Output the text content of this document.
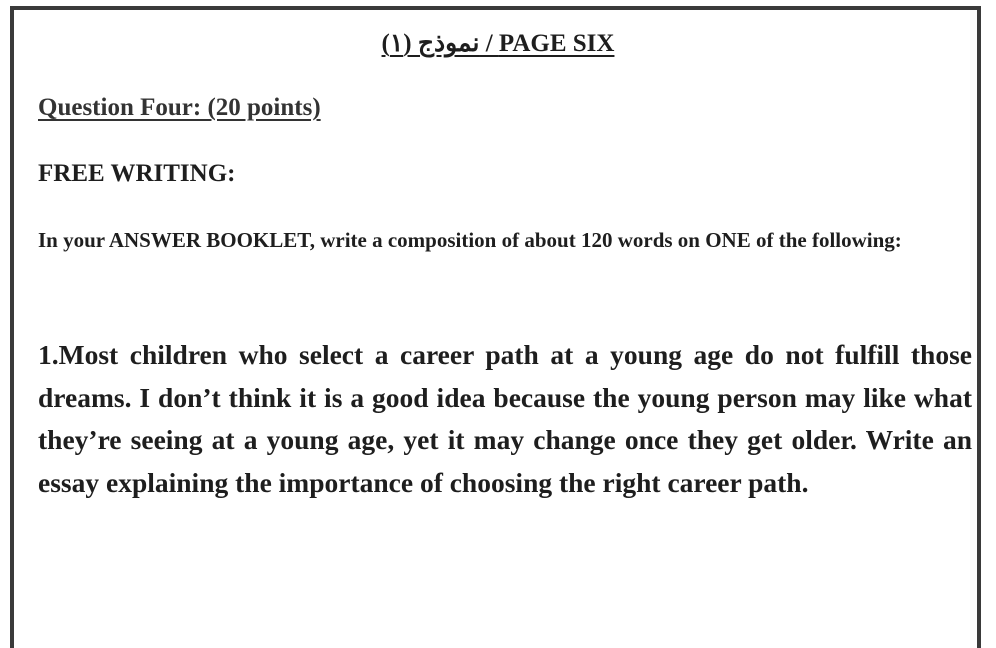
نموذج (١) / PAGE SIX
Question Four: (20 points)
FREE WRITING:
In your ANSWER BOOKLET, write a composition of about 120 words on ONE of the following:
1.Most children who select a career path at a young age do not fulfill those dreams. I don’t think it is a good idea because the young person may like what they’re seeing at a young age, yet it may change once they get older. Write an essay explaining the importance of choosing the right career path.
